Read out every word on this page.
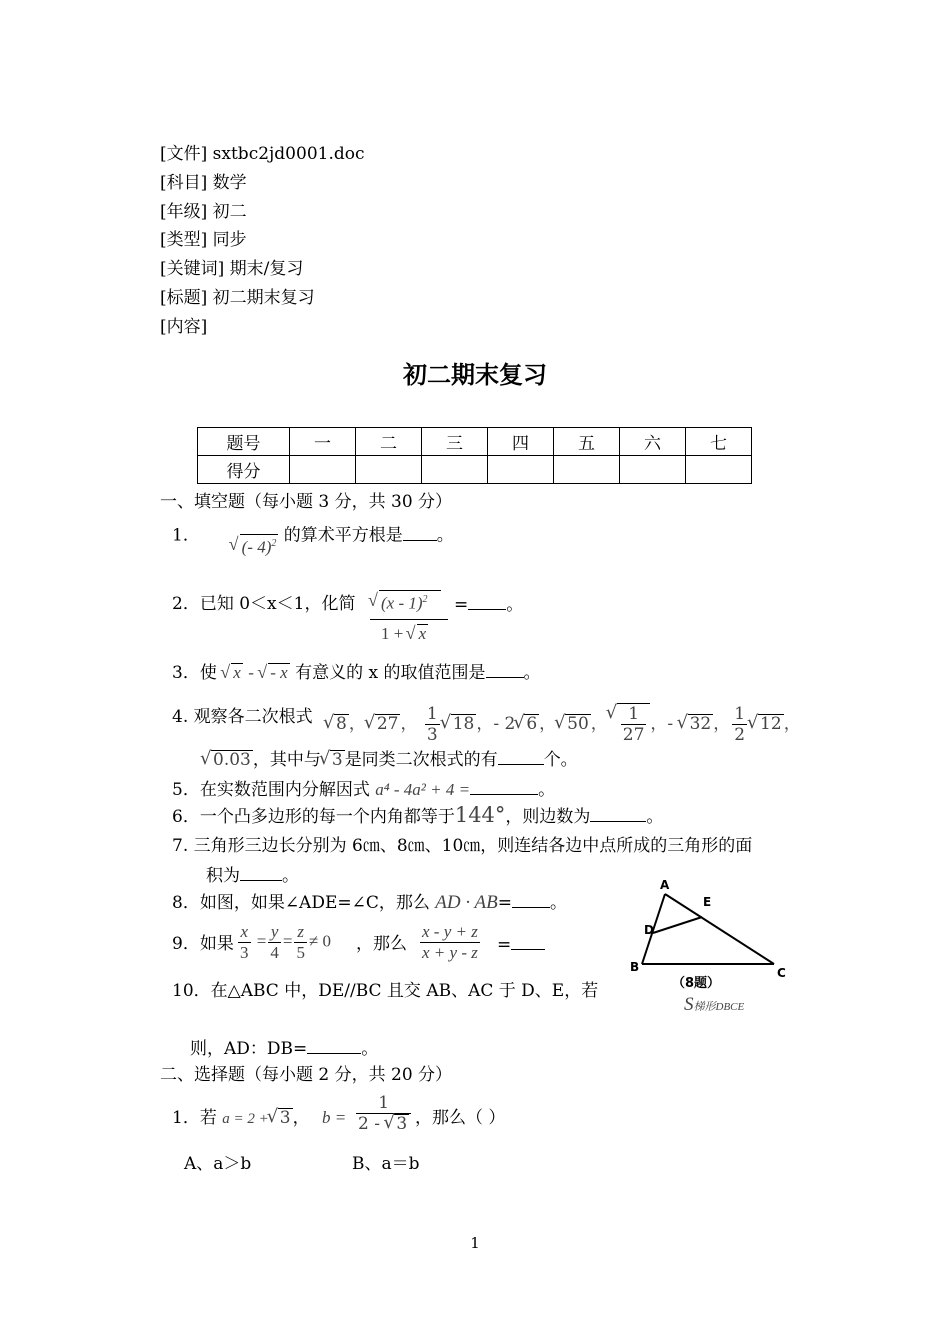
[文件] sxtbc2jd0001.doc
[科目] 数学
[年级] 初二
[类型] 同步
[关键词] 期末/复习
[标题] 初二期末复习
[内容]
初二期末复习
题号	一	二	三	四	五	六	七
得分							
一、填空题（每小题 3 分，共 30 分）
1．  √ (- 4)$^2$ 的算术平方根是 。
2．已知 0＜x＜1，化简	√ (x - 1)$^2$
1 + √ x
= 。
3．使 √ x - √ - x 有意义的 x 的取值范围是 。
4. 观察各二次根式	√ 8 ， √ 27 ， $\frac{1}{3}$ √ 18 ，- 2 √ 6 ， √ 50 ， √ $\frac{1}{27}$ ，- √ 32 ， $\frac{1}{2}$ √ 12 ，
√ 0.03 ，其中与 √ 3 是同类二次根式的有	个。
5．在实数范围内分解因式 a⁴ - 4a² + 4 =	。
6．一个凸多边形的每一个内角都等于144°，则边数为	。
7. 三角形三边长分别为 6㎝、8㎝、10㎝，则连结各边中点所成的三角形的面
积为 。
8．如图，如果∠ADE=∠C，那么 AD · AB= 。
9．如果 $\frac{x}{3} = \frac{y}{4} = \frac{z}{5} \ne 0$ ，那么 $\frac{x - y + z}{x + y - z}$ =
10．在△ABC 中，DE//BC 且交 AB、AC 于 D、E，若
S梯形DBCE
则，AD：DB=	。
A
B	C
D
E
（8题）
二、选择题（每小题 2 分，共 20 分）
1．若 a = 2 + √ 3 ， $b = \frac{1}{2 - √ 3}$ ，那么（ ）
A、a＞b	B、a＝b
1
